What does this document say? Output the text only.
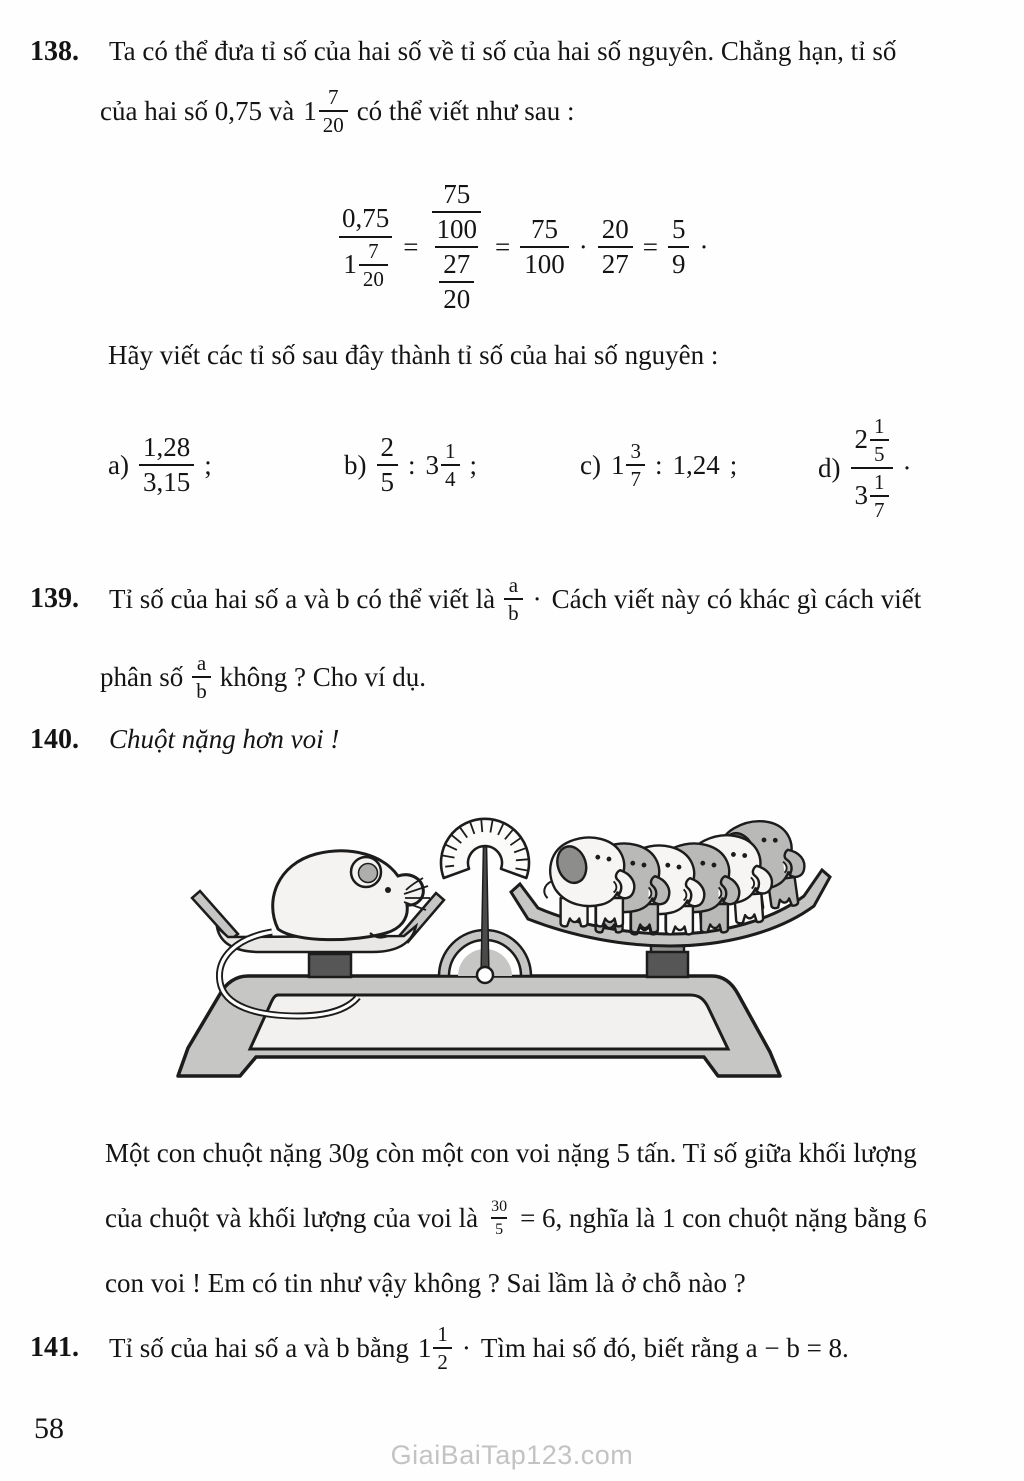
138.	Ta có thể đưa tỉ số của hai số về tỉ số của hai số nguyên. Chẳng hạn, tỉ số
của hai số 0,75 và $1 \frac{7}{20}$ có thể viết như sau :
0,75
1 7
$20 = \frac{\frac{75}{100}}{\frac{27}{20}} = \frac{75}{100} \cdot \frac{20}{27} = \frac{5}{9}$ ·
Hãy viết các tỉ số sau đây thành tỉ số của hai số nguyên :
a)
1,28
3,15
;	b)
2
5
: 3 1
4 ;	c) 1 3
7 : 1,24 ;	d)
2 1
5
3 1
7
·
139.	Tỉ số của hai số a và b có thể viết là a
b · Cách viết này có khác gì cách viết
phân số a
b không ? Cho ví dụ.
140.	Chuột nặng hơn voi !
Một con chuột nặng 30g còn một con voi nặng 5 tấn. Tỉ số giữa khối lượng
của chuột và khối lượng của voi là $\frac{30}{5} = 6$, nghĩa là 1 con chuột nặng bằng 6
con voi ! Em có tin như vậy không ? Sai lầm là ở chỗ nào ?
141.	Tỉ số của hai số a và b bằng 1 1
2 · Tìm hai số đó, biết rằng a − b = 8.
58
GiaiBaiTap123.com
